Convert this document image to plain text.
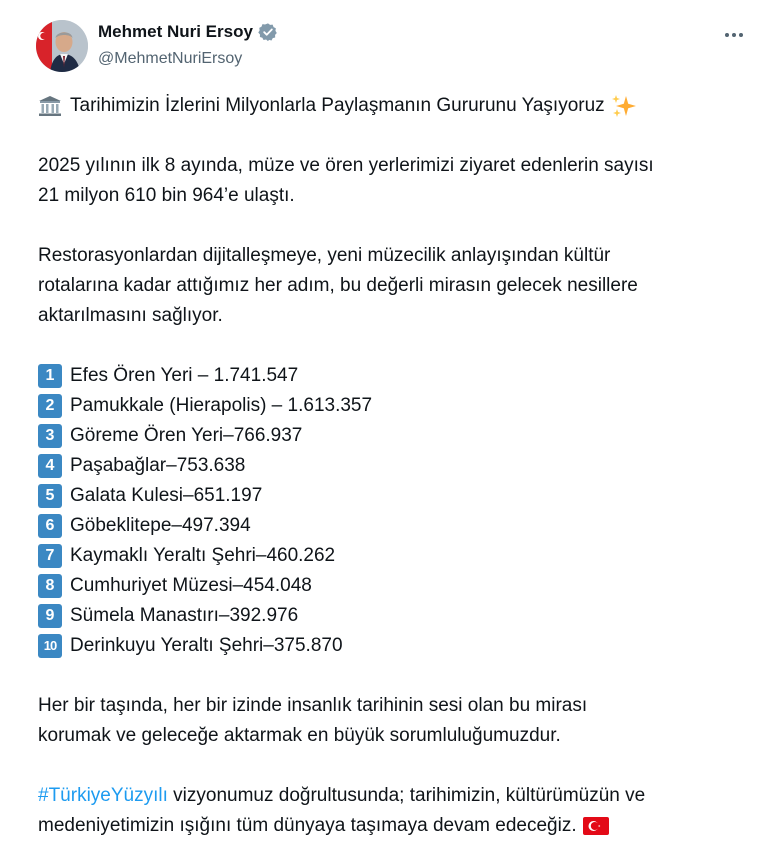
Mehmet Nuri Ersoy
@MehmetNuriErsoy
Tarihimizin İzlerini Milyonlarla Paylaşmanın Gururunu Yaşıyoruz
2025 yılının ilk 8 ayında, müze ve ören yerlerimizi ziyaret edenlerin sayısı
21 milyon 610 bin 964’e ulaştı.
Restorasyonlardan dijitalleşmeye, yeni müzecilik anlayışından kültür
rotalarına kadar attığımız her adım, bu değerli mirasın gelecek nesillere
aktarılmasını sağlıyor.
1 Efes Ören Yeri – 1.741.547
2 Pamukkale (Hierapolis) – 1.613.357
3 Göreme Ören Yeri–766.937
4 Paşabağlar–753.638
5 Galata Kulesi–651.197
6 Göbeklitepe–497.394
7 Kaymaklı Yeraltı Şehri–460.262
8 Cumhuriyet Müzesi–454.048
9 Sümela Manastırı–392.976
10 Derinkuyu Yeraltı Şehri–375.870
Her bir taşında, her bir izinde insanlık tarihinin sesi olan bu mirası
korumak ve geleceğe aktarmak en büyük sorumluluğumuzdur.
#TürkiyeYüzyılı vizyonumuz doğrultusunda; tarihimizin, kültürümüzün ve
medeniyetimizin ışığını tüm dünyaya taşımaya devam edeceğiz.
